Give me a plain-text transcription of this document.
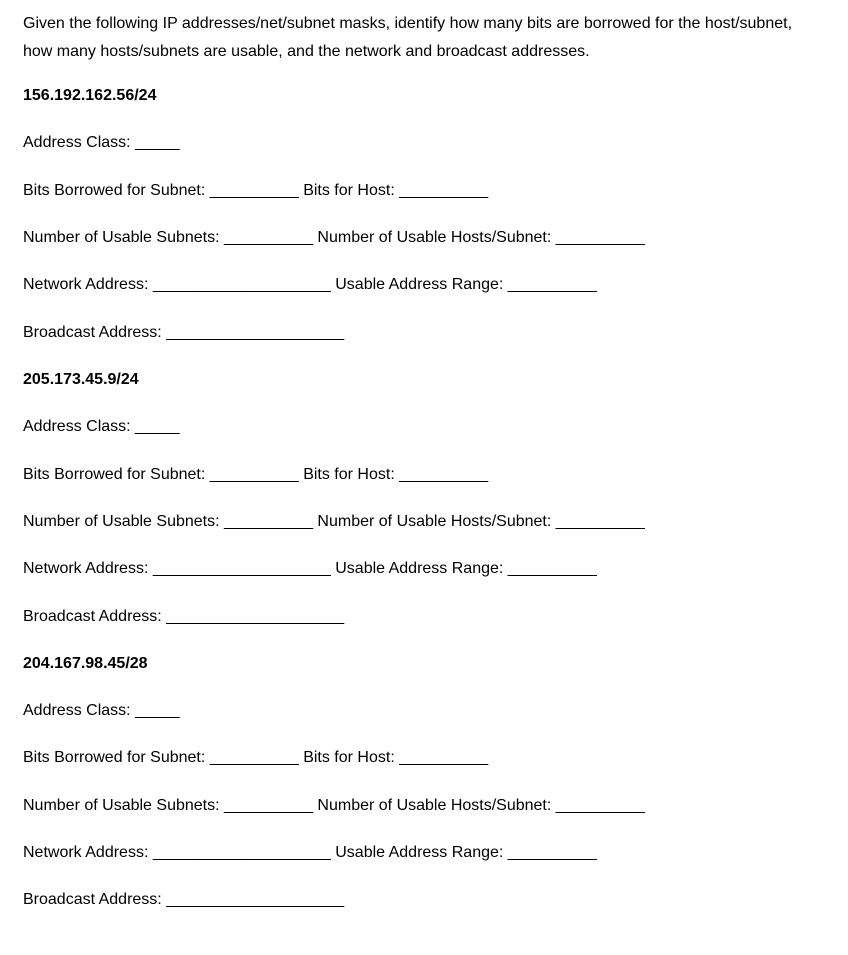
Given the following IP addresses/net/subnet masks, identify how many bits are borrowed for the host/subnet,
how many hosts/subnets are usable, and the network and broadcast addresses.
156.192.162.56/24
Address Class: _____
Bits Borrowed for Subnet: __________ Bits for Host: __________
Number of Usable Subnets: __________ Number of Usable Hosts/Subnet: __________
Network Address: ____________________ Usable Address Range: __________
Broadcast Address: ____________________
205.173.45.9/24
Address Class: _____
Bits Borrowed for Subnet: __________ Bits for Host: __________
Number of Usable Subnets: __________ Number of Usable Hosts/Subnet: __________
Network Address: ____________________ Usable Address Range: __________
Broadcast Address: ____________________
204.167.98.45/28
Address Class: _____
Bits Borrowed for Subnet: __________ Bits for Host: __________
Number of Usable Subnets: __________ Number of Usable Hosts/Subnet: __________
Network Address: ____________________ Usable Address Range: __________
Broadcast Address: ____________________
